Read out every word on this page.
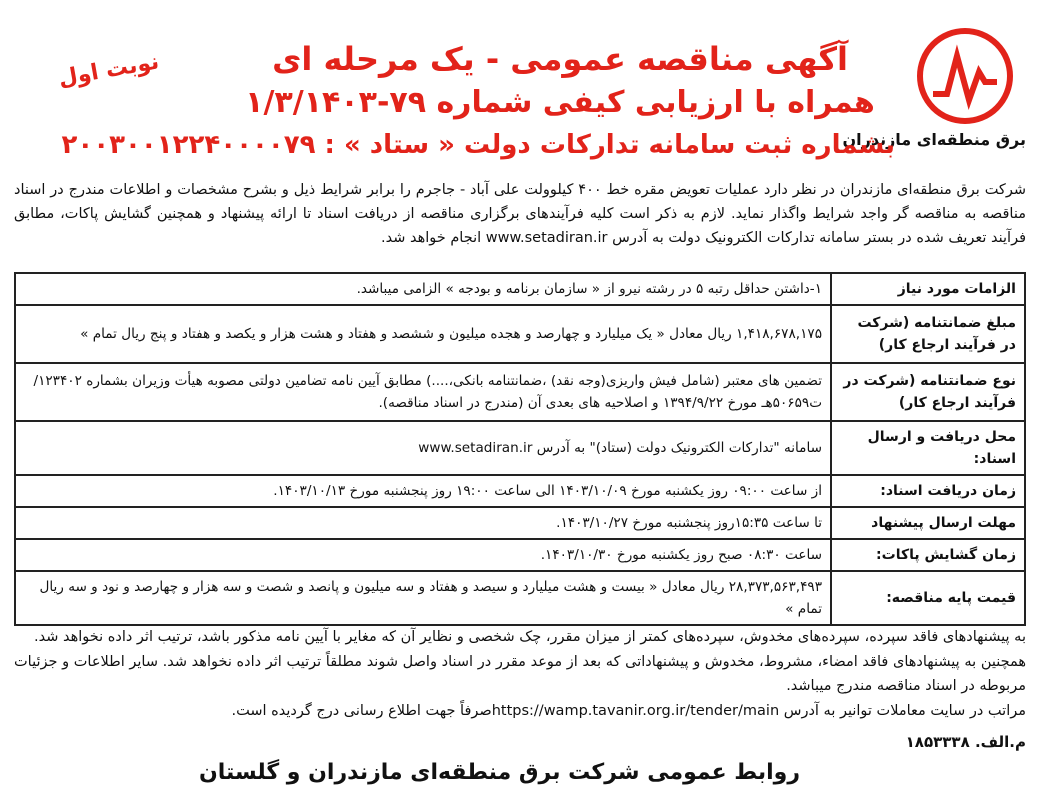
برق منطقه‌ای مازندران
نوبت اول	آگهی مناقصه عمومی - یک مرحله ای
همراه با ارزیابی کیفی شماره ۷۹-۱/۳/۱۴۰۳
بشماره ثبت سامانه تدارکات دولت « ستاد » : ۲۰۰۳۰۰۱۲۲۴۰۰۰۰۷۹
شرکت برق منطقه‌ای مازندران در نظر دارد عملیات تعویض مقره خط ۴۰۰ کیلوولت علی آباد - جاجرم را برابر شرایط ذیل و بشرح مشخصات و اطلاعات مندرج در اسناد مناقصه به مناقصه گر واجد شرایط واگذار نماید. لازم به ذکر است کلیه فرآیندهای برگزاری مناقصه از دریافت اسناد تا ارائه پیشنهاد و همچنین گشایش پاکات، مطابق فرآیند تعریف شده در بستر سامانه تدارکات الکترونیک دولت به آدرس www.setadiran.ir انجام خواهد شد.
الزامات مورد نیاز	۱-داشتن حداقل رتبه ۵ در رشته نیرو از « سازمان برنامه و بودجه » الزامی میباشد.
مبلغ ضمانتنامه (شرکت در فرآیند ارجاع کار)	۱,۴۱۸,۶۷۸,۱۷۵ ریال معادل « یک میلیارد و چهارصد و هجده میلیون و ششصد و هفتاد و هشت هزار و یکصد و هفتاد و پنج ریال تمام »
نوع ضمانتنامه (شرکت در فرآیند ارجاع کار)	تضمین های معتبر (شامل فیش واریزی(وجه نقد) ،ضمانتنامه بانکی،....) مطابق آیین نامه تضامین دولتی مصوبه هیأت وزیران بشماره ۱۲۳۴۰۲/ت۵۰۶۵۹هـ مورخ ۱۳۹۴/۹/۲۲ و اصلاحیه های بعدی آن (مندرج در اسناد مناقصه).
محل دریافت و ارسال اسناد:	سامانه "تدارکات الکترونیک دولت (ستاد)" به آدرس www.setadiran.ir
زمان دریافت اسناد:	از ساعت ۰۹:۰۰ روز یکشنبه مورخ ۱۴۰۳/۱۰/۰۹ الی ساعت ۱۹:۰۰ روز پنجشنبه مورخ ۱۴۰۳/۱۰/۱۳.
مهلت ارسال پیشنهاد	تا ساعت ۱۵:۳۵روز پنجشنبه مورخ ۱۴۰۳/۱۰/۲۷.
زمان گشایش پاکات:	ساعت ۰۸:۳۰ صبح روز یکشنبه مورخ ۱۴۰۳/۱۰/۳۰.
قیمت پایه مناقصه:	۲۸,۳۷۳,۵۶۳,۴۹۳ ریال معادل « بیست و هشت میلیارد و سیصد و هفتاد و سه میلیون و پانصد و شصت و سه هزار و چهارصد و نود و سه ریال تمام »
به پیشنهادهای فاقد سپرده، سپرده‌های مخدوش، سپرده‌های کمتر از میزان مقرر، چک شخصی و نظایر آن که مغایر با آیین نامه مذکور باشد، ترتیب اثر داده نخواهد شد.
همچنین به پیشنهادهای فاقد امضاء، مشروط، مخدوش و پیشنهاداتی که بعد از موعد مقرر در اسناد واصل شوند مطلقاً ترتیب اثر داده نخواهد شد. سایر اطلاعات و جزئیات مربوطه در اسناد مناقصه مندرج میباشد.
مراتب در سایت معاملات توانیر به آدرس https://wamp.tavanir.org.ir/tender/mainصرفاً جهت اطلاع رسانی درج گردیده است.
م.الف. ۱۸۵۳۳۳۸
روابط عمومی شرکت برق منطقه‌ای مازندران و گلستان
